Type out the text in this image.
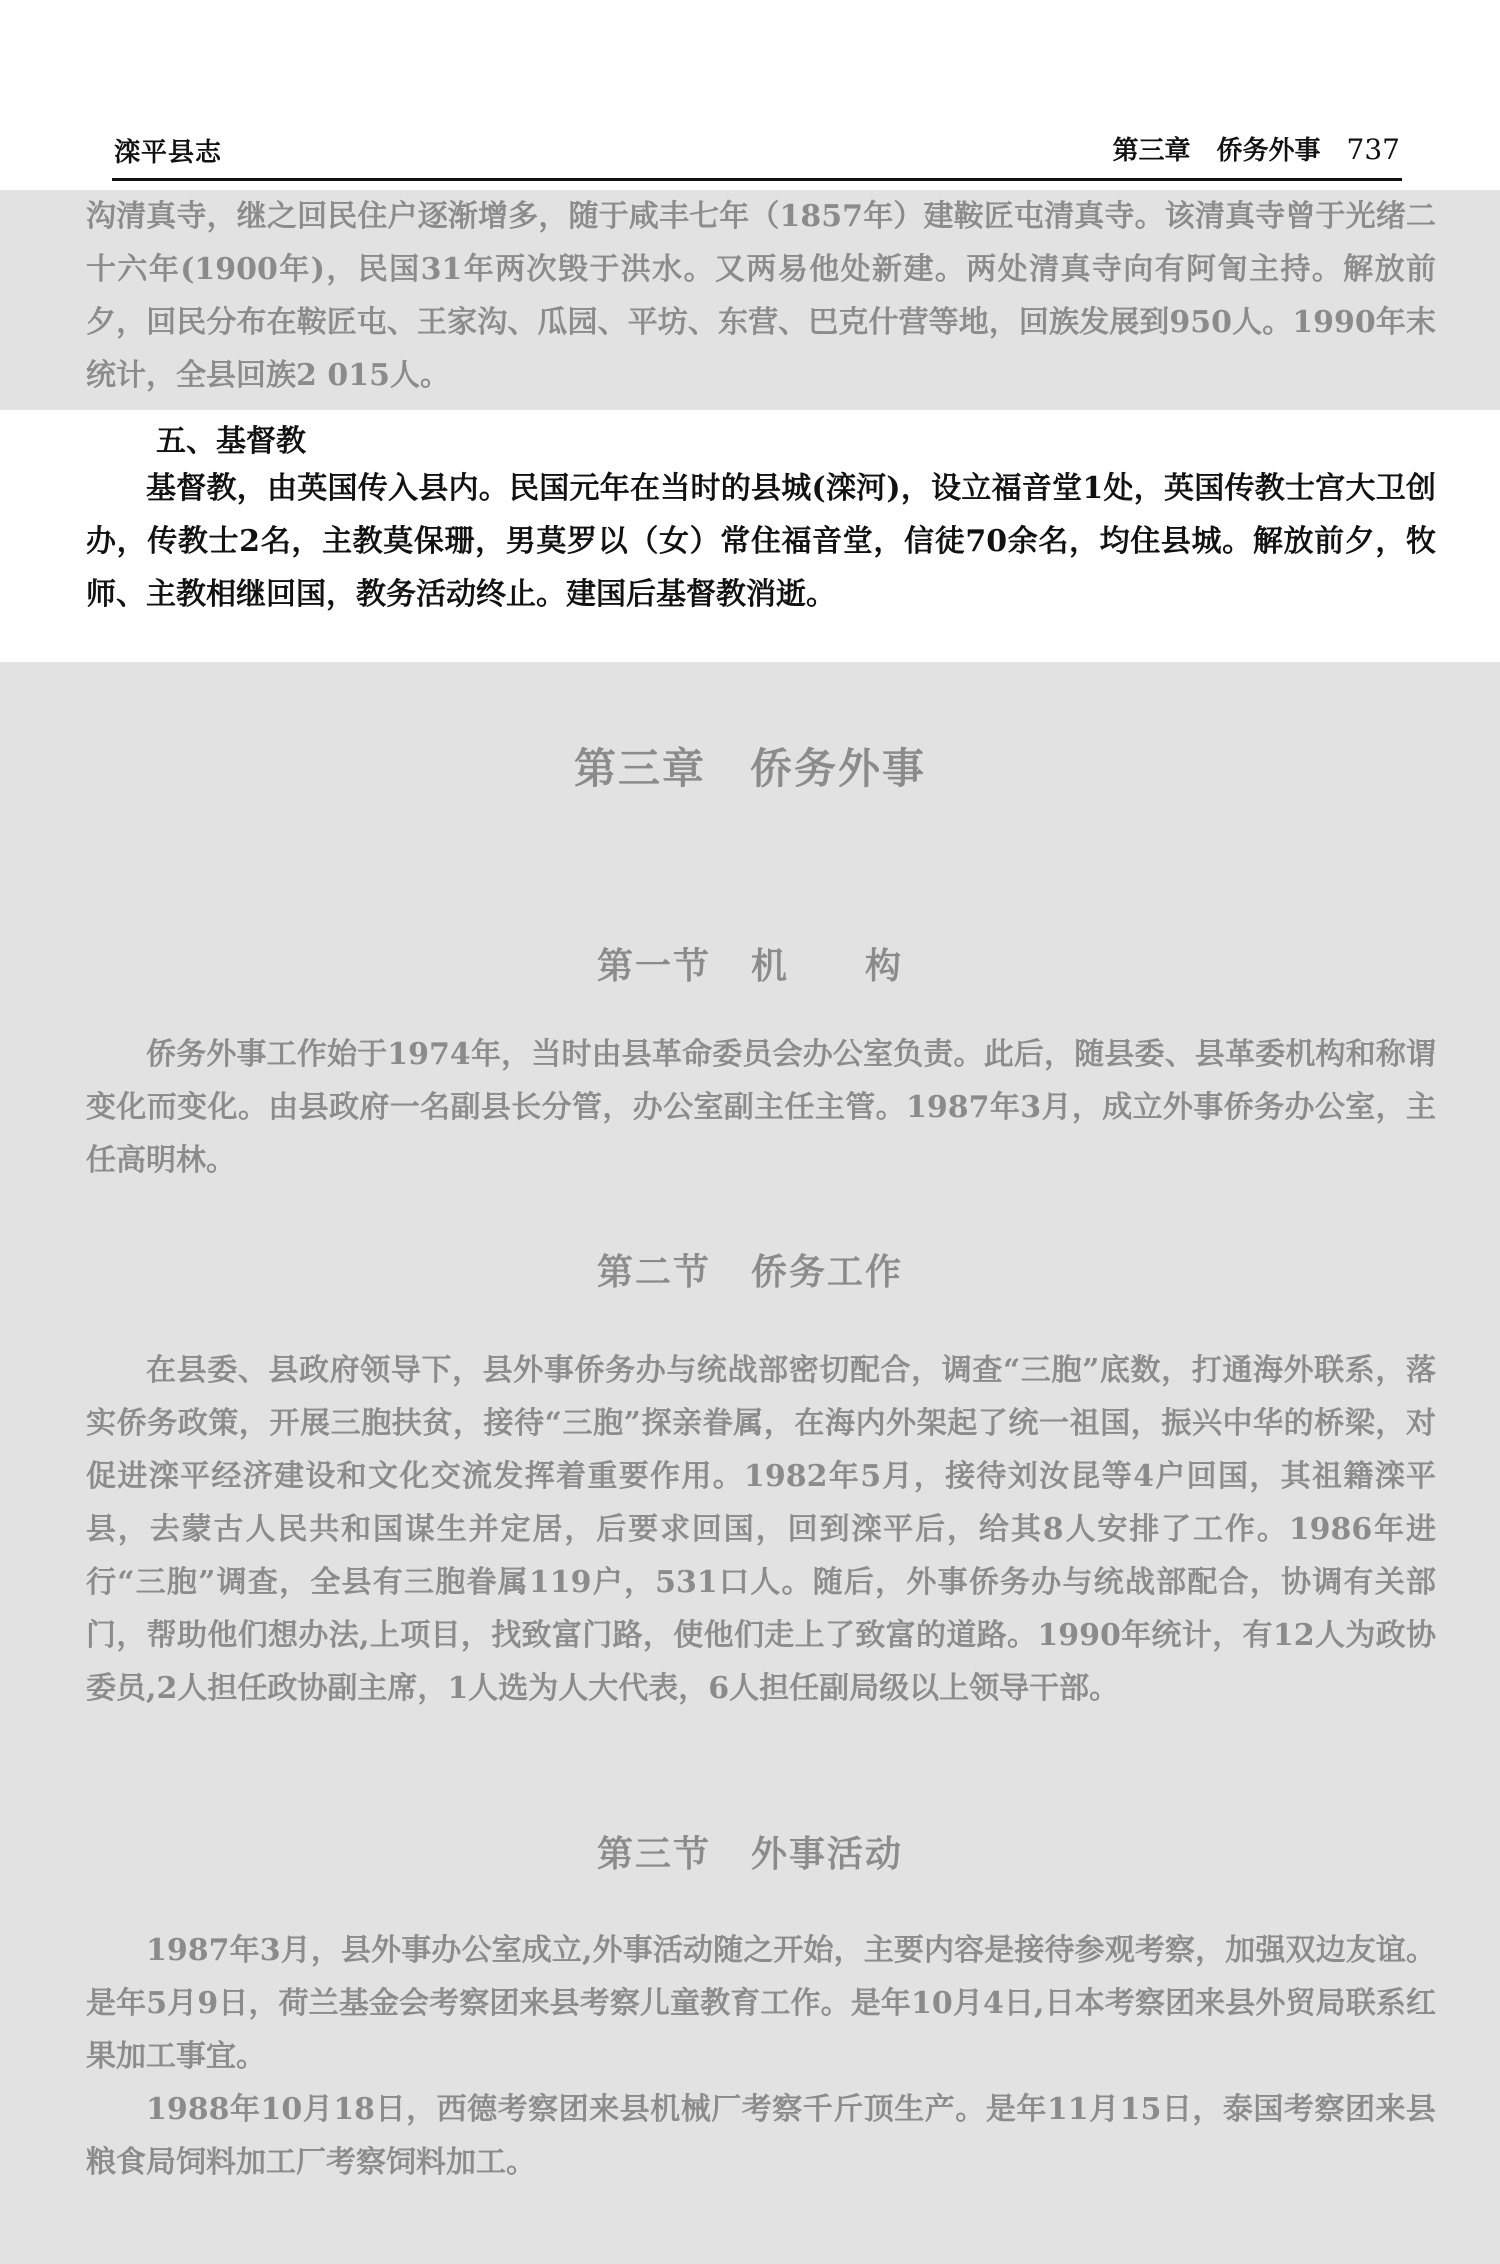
滦平县志	第三章 侨务外事 737
沟清真寺，继之回民住户逐渐增多，随于咸丰七年（1857年）建鞍匠屯清真寺。该清真寺曾于光绪二十六年(1900年)，民国31年两次毁于洪水。又两易他处新建。两处清真寺向有阿訇主持。解放前夕，回民分布在鞍匠屯、王家沟、瓜园、平坊、东营、巴克什营等地，回族发展到950人。1990年末统计，全县回族2 015人。
五、基督教
基督教，由英国传入县内。民国元年在当时的县城(滦河)，设立福音堂1处，英国传教士宫大卫创办，传教士2名，主教莫保珊，男莫罗以（女）常住福音堂，信徒70余名，均住县城。解放前夕，牧师、主教相继回国，教务活动终止。建国后基督教消逝。
第三章　侨务外事
第一节 机　　构
侨务外事工作始于1974年，当时由县革命委员会办公室负责。此后，随县委、县革委机构和称谓变化而变化。由县政府一名副县长分管，办公室副主任主管。1987年3月，成立外事侨务办公室，主任高明林。
第二节 侨务工作
在县委、县政府领导下，县外事侨务办与统战部密切配合，调查“三胞”底数，打通海外联系，落实侨务政策，开展三胞扶贫，接待“三胞”探亲眷属，在海内外架起了统一祖国，振兴中华的桥梁，对促进滦平经济建设和文化交流发挥着重要作用。1982年5月，接待刘汝昆等4户回国，其祖籍滦平县，去蒙古人民共和国谋生并定居，后要求回国，回到滦平后，给其8人安排了工作。1986年进行“三胞”调查，全县有三胞眷属119户，531口人。随后，外事侨务办与统战部配合，协调有关部门，帮助他们想办法,上项目，找致富门路，使他们走上了致富的道路。1990年统计，有12人为政协委员,2人担任政协副主席，1人选为人大代表，6人担任副局级以上领导干部。
第三节 外事活动
1987年3月，县外事办公室成立,外事活动随之开始，主要内容是接待参观考察，加强双边友谊。是年5月9日，荷兰基金会考察团来县考察儿童教育工作。是年10月4日,日本考察团来县外贸局联系红果加工事宜。
1988年10月18日，西德考察团来县机械厂考察千斤顶生产。是年11月15日，泰国考察团来县粮食局饲料加工厂考察饲料加工。
